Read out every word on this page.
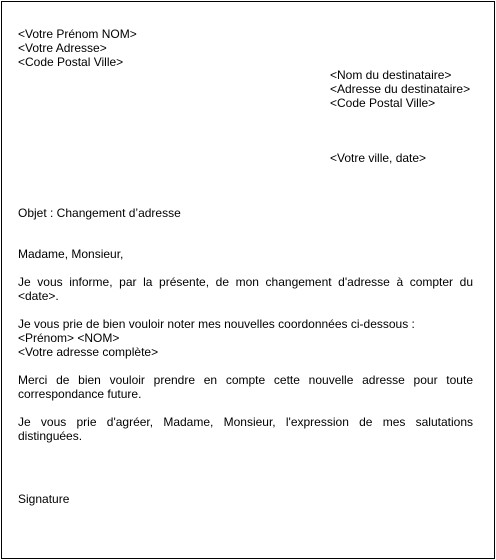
<Votre Prénom NOM>
<Votre Adresse>
<Code Postal Ville>
<Nom du destinataire>
<Adresse du destinataire>
<Code Postal Ville>
<Votre ville, date>
Objet : Changement d’adresse
Madame, Monsieur,
Je vous informe, par la présente, de mon changement d'adresse à compter du <date>.
Je vous prie de bien vouloir noter mes nouvelles coordonnées ci-dessous :
<Prénom> <NOM>
<Votre adresse complète>
Merci de bien vouloir prendre en compte cette nouvelle adresse pour toute correspondance future.
Je vous prie d'agréer, Madame, Monsieur, l'expression de mes salutations distinguées.
Signature
